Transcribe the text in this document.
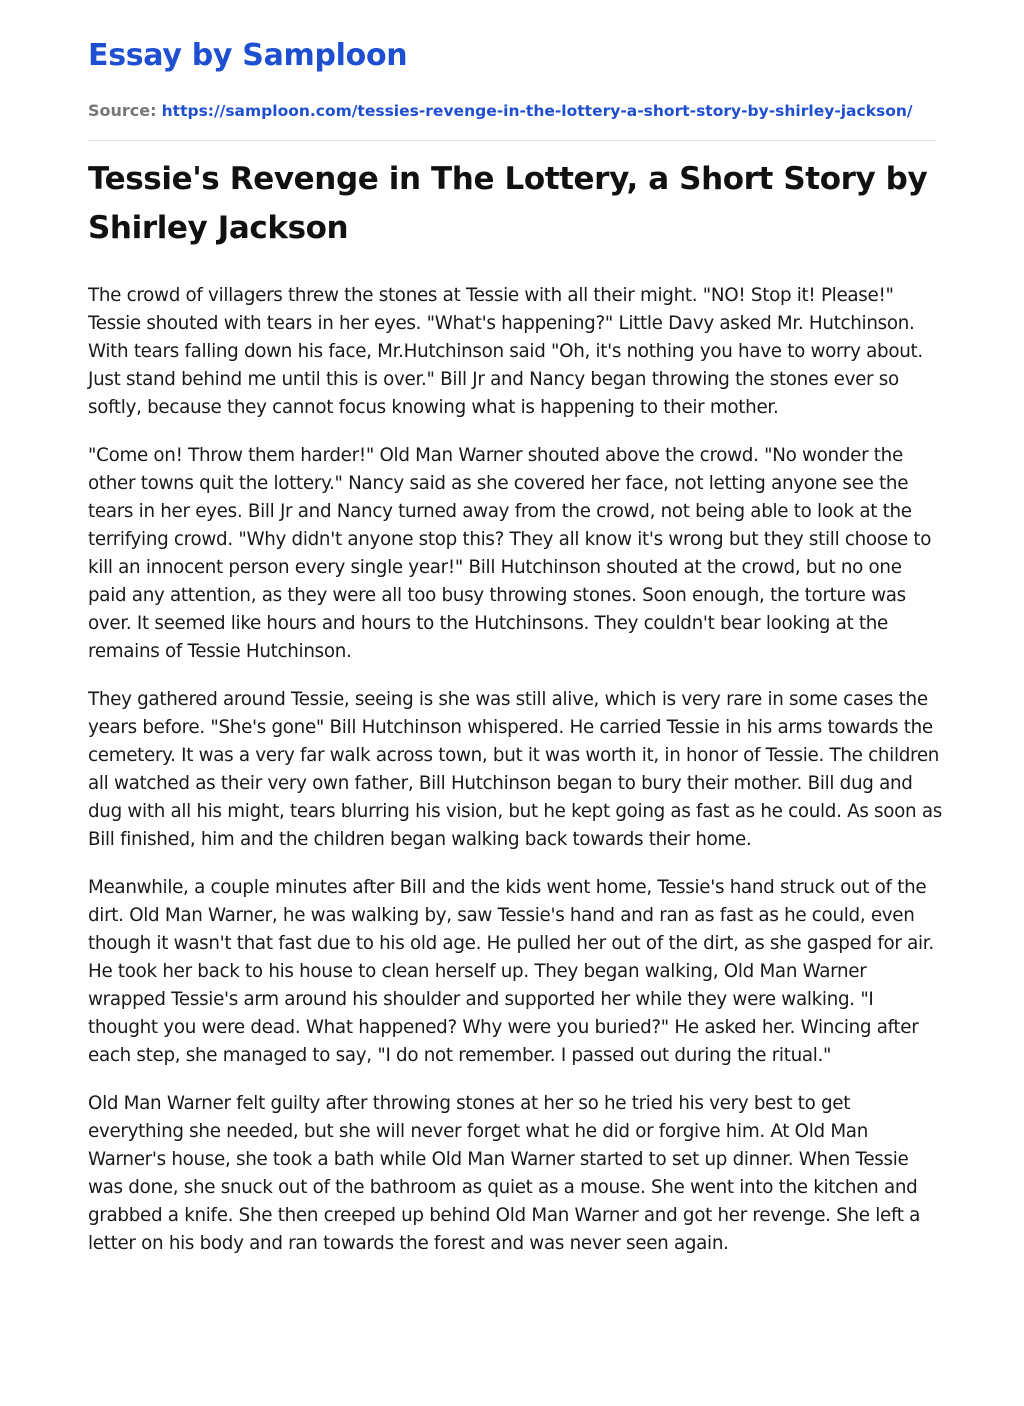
Essay by Samploon
Source: https://samploon.com/tessies-revenge-in-the-lottery-a-short-story-by-shirley-jackson/
Tessie's Revenge in The Lottery, a Short Story by Shirley Jackson

The crowd of villagers threw the stones at Tessie with all their might. "NO! Stop it! Please!" Tessie shouted with tears in her eyes. "What's happening?" Little Davy asked Mr. Hutchinson. With tears falling down his face, Mr.Hutchinson said "Oh, it's nothing you have to worry about. Just stand behind me until this is over." Bill Jr and Nancy began throwing the stones ever so softly, because they cannot focus knowing what is happening to their mother.

"Come on! Throw them harder!" Old Man Warner shouted above the crowd. "No wonder the other towns quit the lottery." Nancy said as she covered her face, not letting anyone see the tears in her eyes. Bill Jr and Nancy turned away from the crowd, not being able to look at the terrifying crowd. "Why didn't anyone stop this? They all know it's wrong but they still choose to kill an innocent person every single year!" Bill Hutchinson shouted at the crowd, but no one paid any attention, as they were all too busy throwing stones. Soon enough, the torture was over. It seemed like hours and hours to the Hutchinsons. They couldn't bear looking at the remains of Tessie Hutchinson.

They gathered around Tessie, seeing is she was still alive, which is very rare in some cases the years before. "She's gone" Bill Hutchinson whispered. He carried Tessie in his arms towards the cemetery. It was a very far walk across town, but it was worth it, in honor of Tessie. The children all watched as their very own father, Bill Hutchinson began to bury their mother. Bill dug and dug with all his might, tears blurring his vision, but he kept going as fast as he could. As soon as Bill finished, him and the children began walking back towards their home.

Meanwhile, a couple minutes after Bill and the kids went home, Tessie's hand struck out of the dirt. Old Man Warner, he was walking by, saw Tessie's hand and ran as fast as he could, even though it wasn't that fast due to his old age. He pulled her out of the dirt, as she gasped for air. He took her back to his house to clean herself up. They began walking, Old Man Warner wrapped Tessie's arm around his shoulder and supported her while they were walking. "I thought you were dead. What happened? Why were you buried?" He asked her. Wincing after each step, she managed to say, "I do not remember. I passed out during the ritual."

Old Man Warner felt guilty after throwing stones at her so he tried his very best to get everything she needed, but she will never forget what he did or forgive him. At Old Man Warner's house, she took a bath while Old Man Warner started to set up dinner. When Tessie was done, she snuck out of the bathroom as quiet as a mouse. She went into the kitchen and grabbed a knife. She then creeped up behind Old Man Warner and got her revenge. She left a letter on his body and ran towards the forest and was never seen again.
